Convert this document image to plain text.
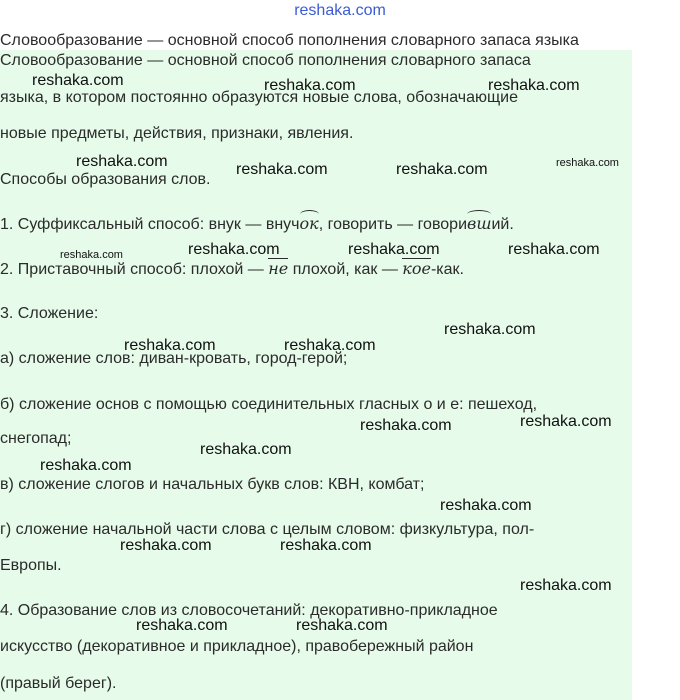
reshaka.com
Словообразование — основной способ пополнения словарного запаса языка
Словообразование — основной способ пополнения словарного запаса
языка, в котором постоянно образуются новые слова, обозначающие
новые предметы, действия, признаки, явления.
Способы образования слов.
1. Суффиксальный способ: внук — внучок, говорить — говоривший.
2. Приставочный способ: плохой — не плохой, как — кое-как.
3. Сложение:
а) сложение слов: диван-кровать, город-герой;
б) сложение основ с помощью соединительных гласных о и е: пешеход,
снегопад;
в) сложение слогов и начальных букв слов: КВН, комбат;
г) сложение начальной части слова с целым словом: физкультура, пол-
Европы.
4. Образование слов из словосочетаний: декоративно-прикладное
искусство (декоративное и прикладное), правобережный район
(правый берег).
reshaka.com	reshaka.com	reshaka.com
reshaka.com	reshaka.com	reshaka.com	reshaka.com
reshaka.com	reshaka.com	reshaka.com	reshaka.com
reshaka.com
reshaka.com	reshaka.com
reshaka.com	reshaka.com
reshaka.com
reshaka.com
reshaka.com
reshaka.com	reshaka.com
reshaka.com
reshaka.com	reshaka.com
